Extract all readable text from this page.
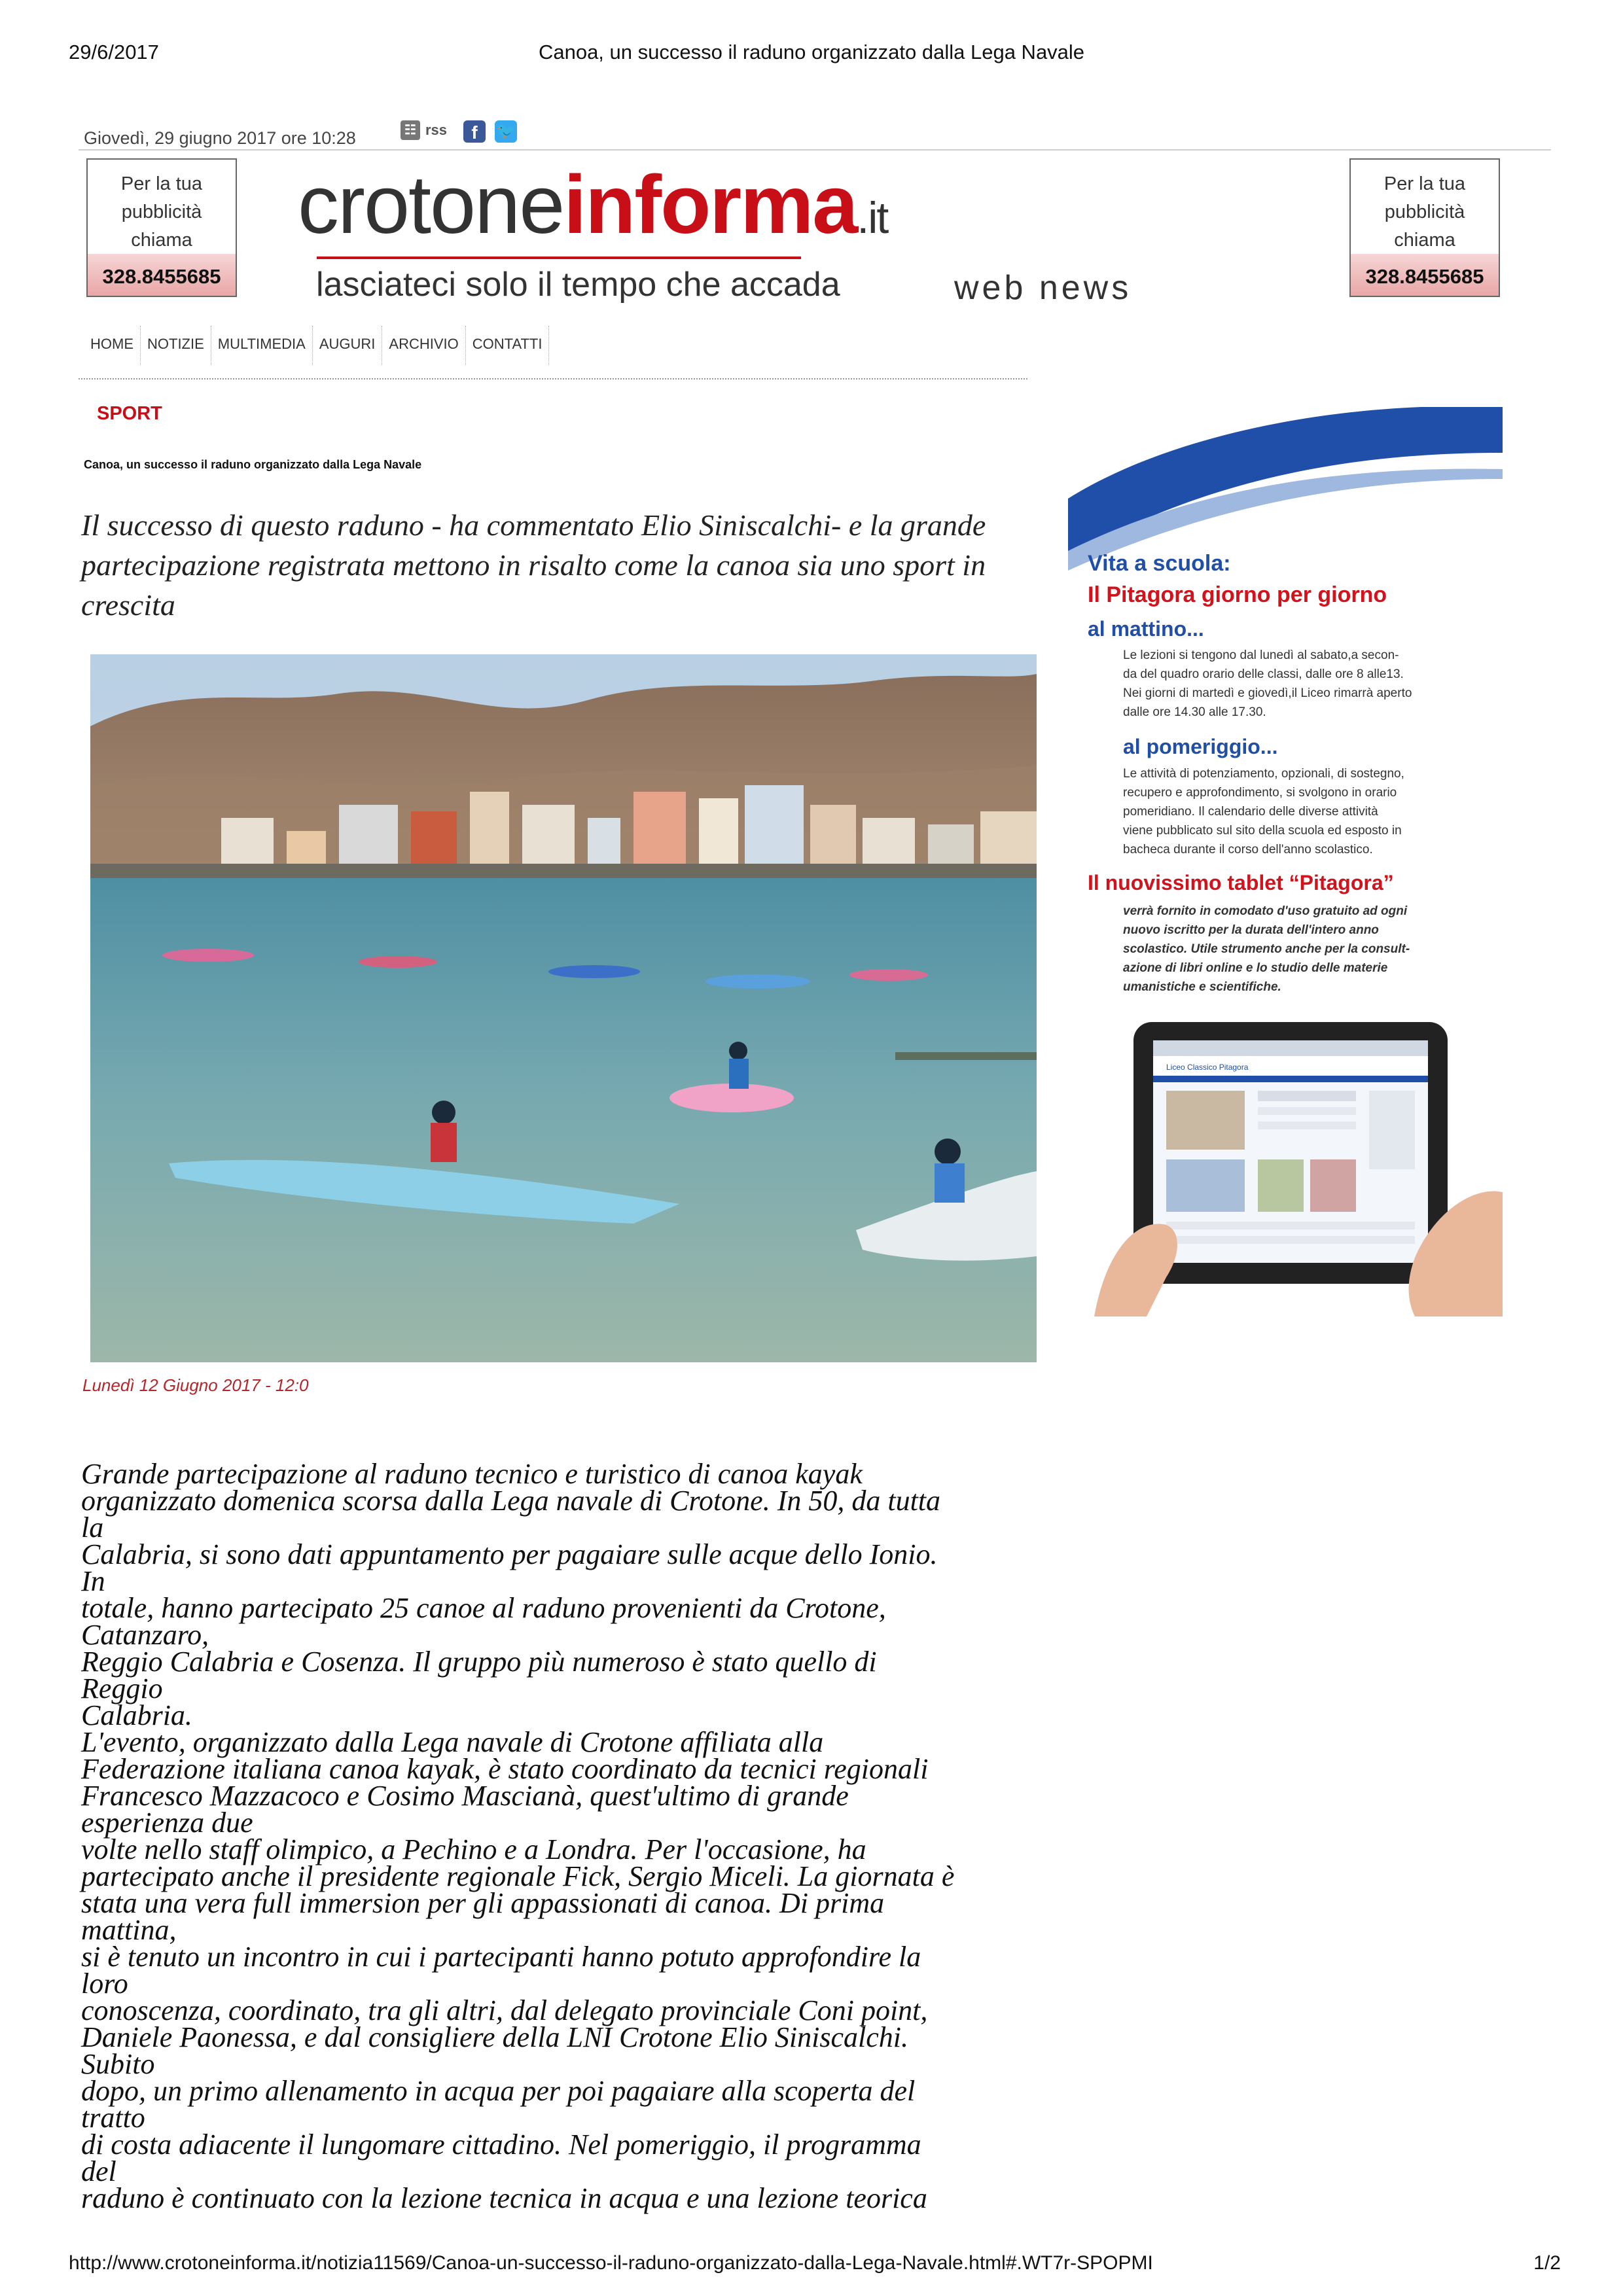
29/6/2017	Canoa, un successo il raduno organizzato dalla Lega Navale
Giovedì, 29 giugno 2017 ore 10:28	☷ rss	f	🐦
Per la tua pubblicità
chiama
328.8455685
crotoneinforma.it
lasciateci solo il tempo che accada	web news
Per la tua pubblicità
chiama
328.8455685
HOME NOTIZIE MULTIMEDIA AUGURI ARCHIVIO CONTATTI
SPORT
Canoa, un successo il raduno organizzato dalla Lega Navale
Il successo di questo raduno - ha commentato Elio Siniscalchi- e la grande partecipazione registrata mettono in risalto come la canoa sia uno sport in crescita
Lunedì 12 Giugno 2017 - 12:0
Grande partecipazione al raduno tecnico e turistico di canoa kayak
organizzato domenica scorsa dalla Lega navale di Crotone. In 50, da tutta
la
Calabria, si sono dati appuntamento per pagaiare sulle acque dello Ionio.
In
totale, hanno partecipato 25 canoe al raduno provenienti da Crotone,
Catanzaro,
Reggio Calabria e Cosenza. Il gruppo più numeroso è stato quello di
Reggio
Calabria.
L'evento, organizzato dalla Lega navale di Crotone affiliata alla
Federazione italiana canoa kayak, è stato coordinato da tecnici regionali
Francesco Mazzacoco e Cosimo Mascianà, quest'ultimo di grande
esperienza due
volte nello staff olimpico, a Pechino e a Londra. Per l'occasione, ha
partecipato anche il presidente regionale Fick, Sergio Miceli. La giornata è
stata una vera full immersion per gli appassionati di canoa. Di prima
mattina,
si è tenuto un incontro in cui i partecipanti hanno potuto approfondire la
loro
conoscenza, coordinato, tra gli altri, dal delegato provinciale Coni point,
Daniele Paonessa, e dal consigliere della LNI Crotone Elio Siniscalchi.
Subito
dopo, un primo allenamento in acqua per poi pagaiare alla scoperta del
tratto
di costa adiacente il lungomare cittadino. Nel pomeriggio, il programma
del
raduno è continuato con la lezione tecnica in acqua e una lezione teorica
Vita a scuola:
Il Pitagora giorno per giorno
al mattino...
Le lezioni si tengono dal lunedì al sabato,a secon-
da del quadro orario delle classi, dalle ore 8 alle13.
Nei giorni di martedì e giovedì,il Liceo rimarrà aperto
dalle ore 14.30 alle 17.30.
al pomeriggio...
Le attività di potenziamento, opzionali, di sostegno,
recupero e approfondimento, si svolgono in orario
pomeridiano. Il calendario delle diverse attività
viene pubblicato sul sito della scuola ed esposto in
bacheca durante il corso dell'anno scolastico.
Il nuovissimo tablet “Pitagora”
verrà fornito in comodato d'uso gratuito ad ogni
nuovo iscritto per la durata dell'intero anno
scolastico. Utile strumento anche per la consult-
azione di libri online e lo studio delle materie
umanistiche e scientifiche.
Liceo Classico Pitagora
http://www.crotoneinforma.it/notizia11569/Canoa-un-successo-il-raduno-organizzato-dalla-Lega-Navale.html#.WT7r-SPOPMI	1/2
